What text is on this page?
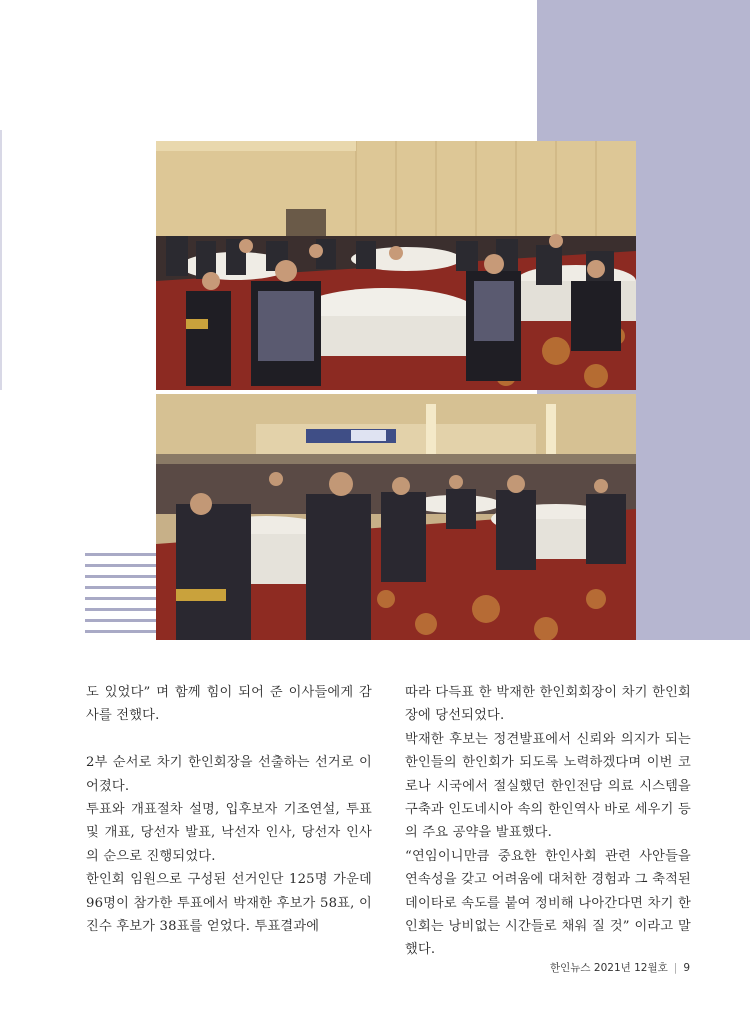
도 있었다” 며 함께 힘이 되어 준 이사들에게 감사를 전했다.

2부 순서로 차기 한인회장을 선출하는 선거로 이어졌다.

투표와 개표절차 설명, 입후보자 기조연설, 투표 및 개표, 당선자 발표, 낙선자 인사, 당선자 인사의 순으로 진행되었다.

한인회 임원으로 구성된 선거인단 125명 가운데 96명이 참가한 투표에서 박재한 후보가 58표, 이진수 후보가 38표를 얻었다. 투표결과에

따라 다득표 한 박재한 한인회회장이 차기 한인회장에 당선되었다.

박재한 후보는 정견발표에서 신뢰와 의지가 되는 한인들의 한인회가 되도록 노력하겠다며 이번 코로나 시국에서 절실했던 한인전담 의료 시스템을 구축과 인도네시아 속의 한인역사 바로 세우기 등의 주요 공약을 발표했다.

“연임이니만큼 중요한 한인사회 관련 사안들을 연속성을 갖고 어려움에 대처한 경험과 그 축적된 데이타로 속도를 붙여 정비해 나아간다면 차기 한인회는 낭비없는 시간들로 채워 질 것” 이라고 말했다.

한인뉴스 2021년 12월호 | 9
